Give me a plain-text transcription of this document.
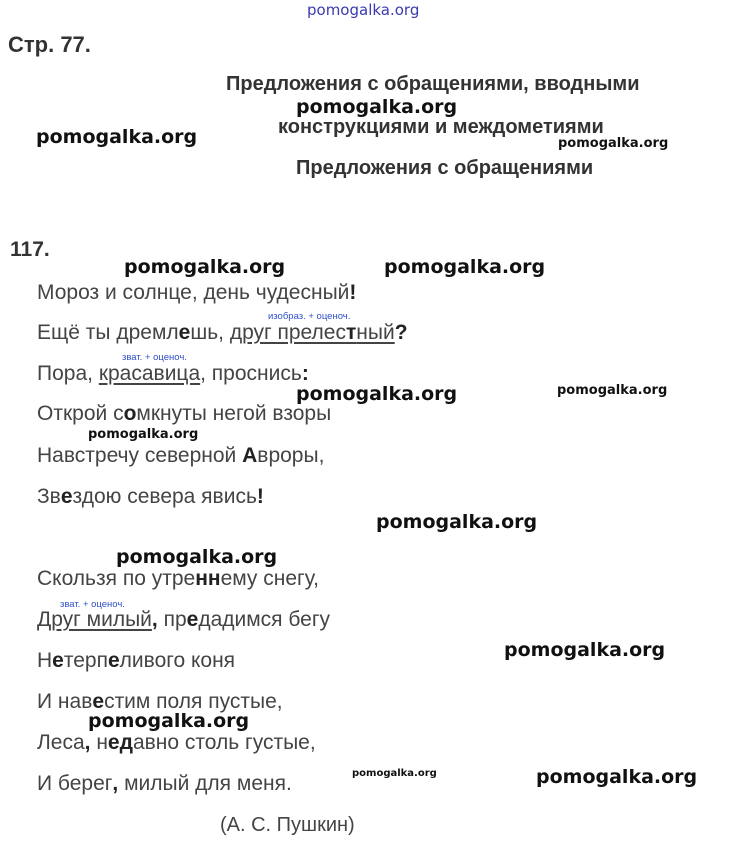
pomogalka.org
pomogalka.org
pomogalka.org
pomogalka.org
pomogalka.org	pomogalka.org
pomogalka.org	pomogalka.org
pomogalka.org
pomogalka.org
pomogalka.org
pomogalka.org
pomogalka.org
pomogalka.org	pomogalka.org
Стр. 77.
Предложения с обращениями, вводными
конструкциями и междометиями
Предложения с обращениями
117.
изобраз. + оценоч.
зват. + оценоч.
зват. + оценоч.
Мороз и солнце, день чудесный!
Ещё ты дремлешь, друг прелестный?
Пора, красавица, проснись:
Открой сомкнуты негой взоры
Навстречу северной Авроры,
Звездою севера явись!
Скользя по утреннему снегу,
Друг милый, предадимся бегу
Нетерпеливого коня
И навестим поля пустые,
Леса, недавно столь густые,
И берег, милый для меня.
(А. С. Пушкин)
